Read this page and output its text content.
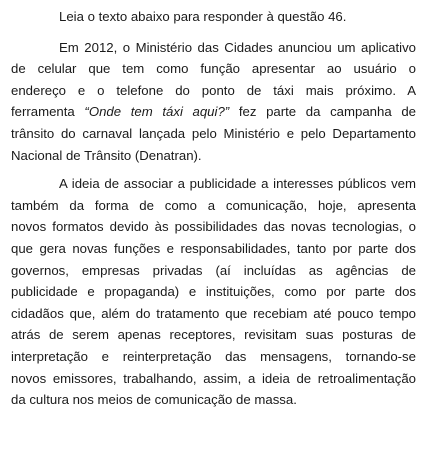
Leia o texto abaixo para responder à questão 46.
Em 2012, o Ministério das Cidades anunciou um aplicativo
de celular que tem como função apresentar ao usuário o
endereço e o telefone do ponto de táxi mais próximo. A
ferramenta “Onde tem táxi aqui?” fez parte da campanha de
trânsito do carnaval lançada pelo Ministério e pelo Departamento
Nacional de Trânsito (Denatran).
A ideia de associar a publicidade a interesses públicos vem
também da forma de como a comunicação, hoje, apresenta
novos formatos devido às possibilidades das novas tecnologias, o
que gera novas funções e responsabilidades, tanto por parte dos
governos, empresas privadas (aí incluídas as agências de
publicidade e propaganda) e instituições, como por parte dos
cidadãos que, além do tratamento que recebiam até pouco tempo
atrás de serem apenas receptores, revisitam suas posturas de
interpretação e reinterpretação das mensagens, tornando-se
novos emissores, trabalhando, assim, a ideia de retroalimentação
da cultura nos meios de comunicação de massa.
